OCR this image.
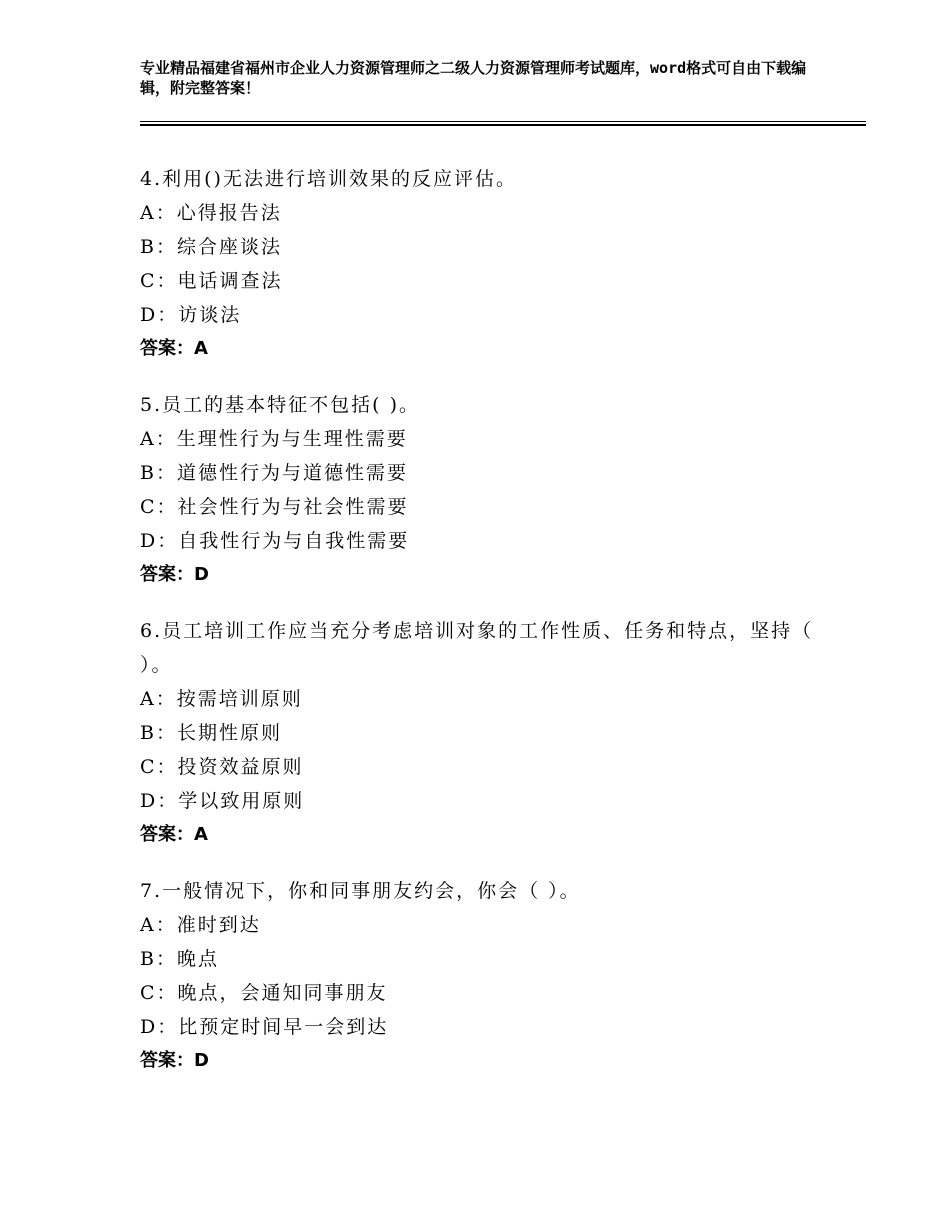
专业精品福建省福州市企业人力资源管理师之二级人力资源管理师考试题库，word格式可自由下载编辑，附完整答案！

4.利用()无法进行培训效果的反应评估。

A：心得报告法

B：综合座谈法

C：电话调查法

D：访谈法

答案：A

5.员工的基本特征不包括( )。

A：生理性行为与生理性需要

B：道德性行为与道德性需要

C：社会性行为与社会性需要

D：自我性行为与自我性需要

答案：D

6.员工培训工作应当充分考虑培训对象的工作性质、任务和特点，坚持（ ）。

A：按需培训原则

B：长期性原则

C：投资效益原则

D：学以致用原则

答案：A

7.一般情况下，你和同事朋友约会，你会（ ）。

A：准时到达

B：晚点

C：晚点，会通知同事朋友

D：比预定时间早一会到达

答案：D
